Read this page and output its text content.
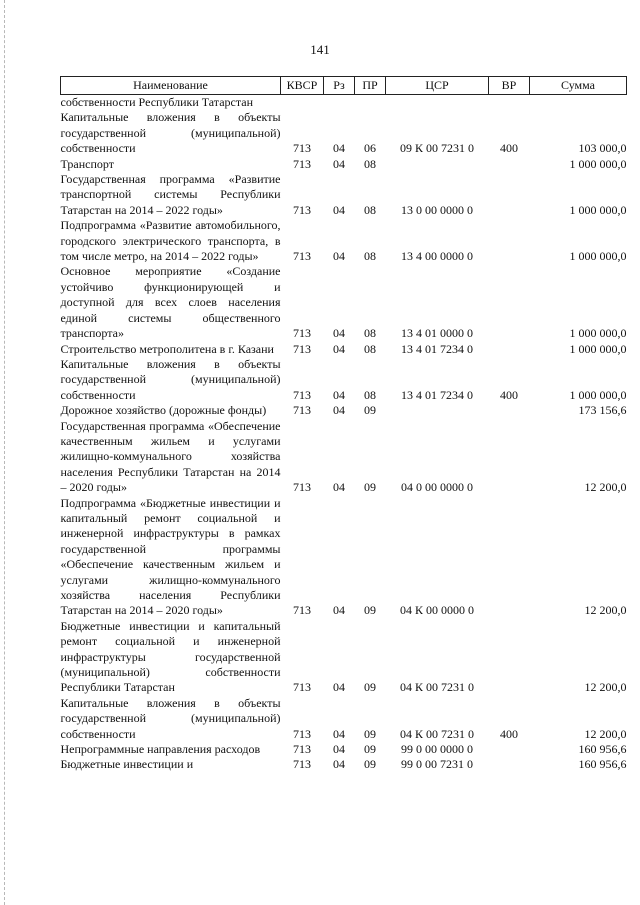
141
Наименование	КВСР	Рз	ПР	ЦСР	ВР	Сумма
собственности Республики Татарстан						
Капитальные вложения в объекты государственной (муниципальной) собственности	713	04	06	09 К 00 7231 0	400	103 000,0
Транспорт	713	04	08			1 000 000,0
Государственная программа «Развитие транспортной системы Республики Татарстан на 2014 – 2022 годы»	713	04	08	13 0 00 0000 0		1 000 000,0
Подпрограмма «Развитие автомобильного, городского электрического транспорта, в том числе метро, на 2014 – 2022 годы»	713	04	08	13 4 00 0000 0		1 000 000,0
Основное мероприятие «Создание устойчиво функционирующей и доступной для всех слоев населения единой системы общественного транспорта»	713	04	08	13 4 01 0000 0		1 000 000,0
Строительство метрополитена в г. Казани	713	04	08	13 4 01 7234 0		1 000 000,0
Капитальные вложения в объекты государственной (муниципальной) собственности	713	04	08	13 4 01 7234 0	400	1 000 000,0
Дорожное хозяйство (дорожные фонды)	713	04	09			173 156,6
Государственная программа «Обеспечение качественным жильем и услугами жилищно-коммунального хозяйства населения Республики Татарстан на 2014 – 2020 годы»	713	04	09	04 0 00 0000 0		12 200,0
Подпрограмма «Бюджетные инвестиции и капитальный ремонт социальной и инженерной инфраструктуры в рамках государственной программы «Обеспечение качественным жильем и услугами жилищно-коммунального хозяйства населения Республики Татарстан на 2014 – 2020 годы»	713	04	09	04 К 00 0000 0		12 200,0
Бюджетные инвестиции и капитальный ремонт социальной и инженерной инфраструктуры государственной (муниципальной) собственности Республики Татарстан	713	04	09	04 К 00 7231 0		12 200,0
Капитальные вложения в объекты государственной (муниципальной) собственности	713	04	09	04 К 00 7231 0	400	12 200,0
Непрограммные направления расходов	713	04	09	99 0 00 0000 0		160 956,6
Бюджетные инвестиции и	713	04	09	99 0 00 7231 0		160 956,6
